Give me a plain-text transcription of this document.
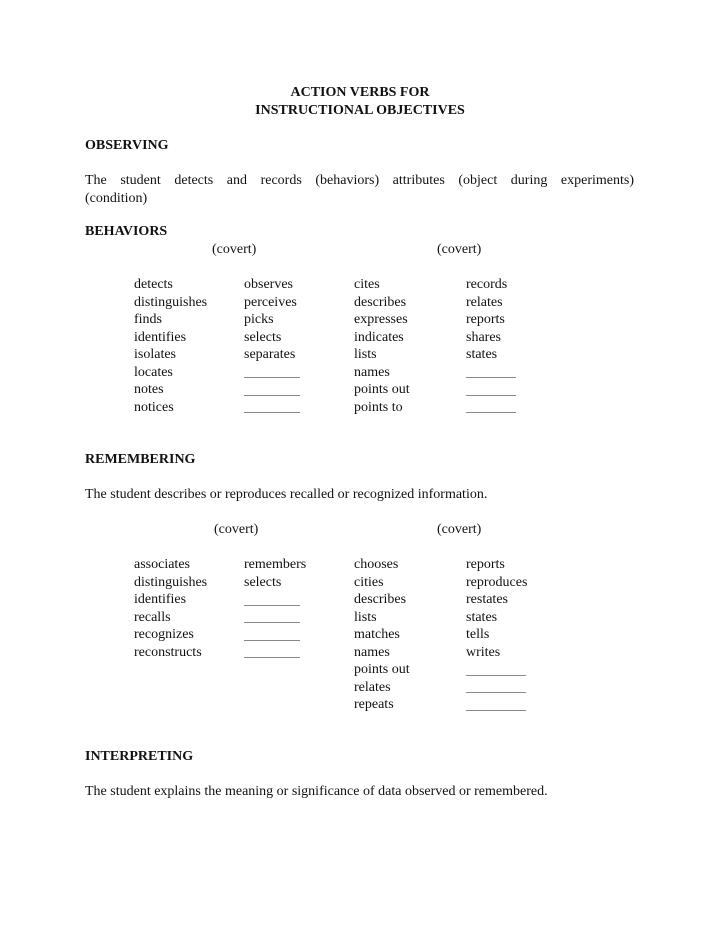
ACTION VERBS FOR
INSTRUCTIONAL OBJECTIVES
OBSERVING
The student detects and records (behaviors) attributes (object during experiments)
(condition)
BEHAVIORS
(covert)	(covert)
detects
distinguishes
finds
identifies
isolates
locates
notes
notices
observes
perceives
picks
selects
separates
cites
describes
expresses
indicates
lists
names
points out
points to
records
relates
reports
shares
states
REMEMBERING
The student describes or reproduces recalled or recognized information.
(covert)	(covert)
associates
distinguishes
identifies
recalls
recognizes
reconstructs
remembers
selects
chooses
cities
describes
lists
matches
names
points out
relates
repeats
reports
reproduces
restates
states
tells
writes
INTERPRETING
The student explains the meaning or significance of data observed or remembered.
